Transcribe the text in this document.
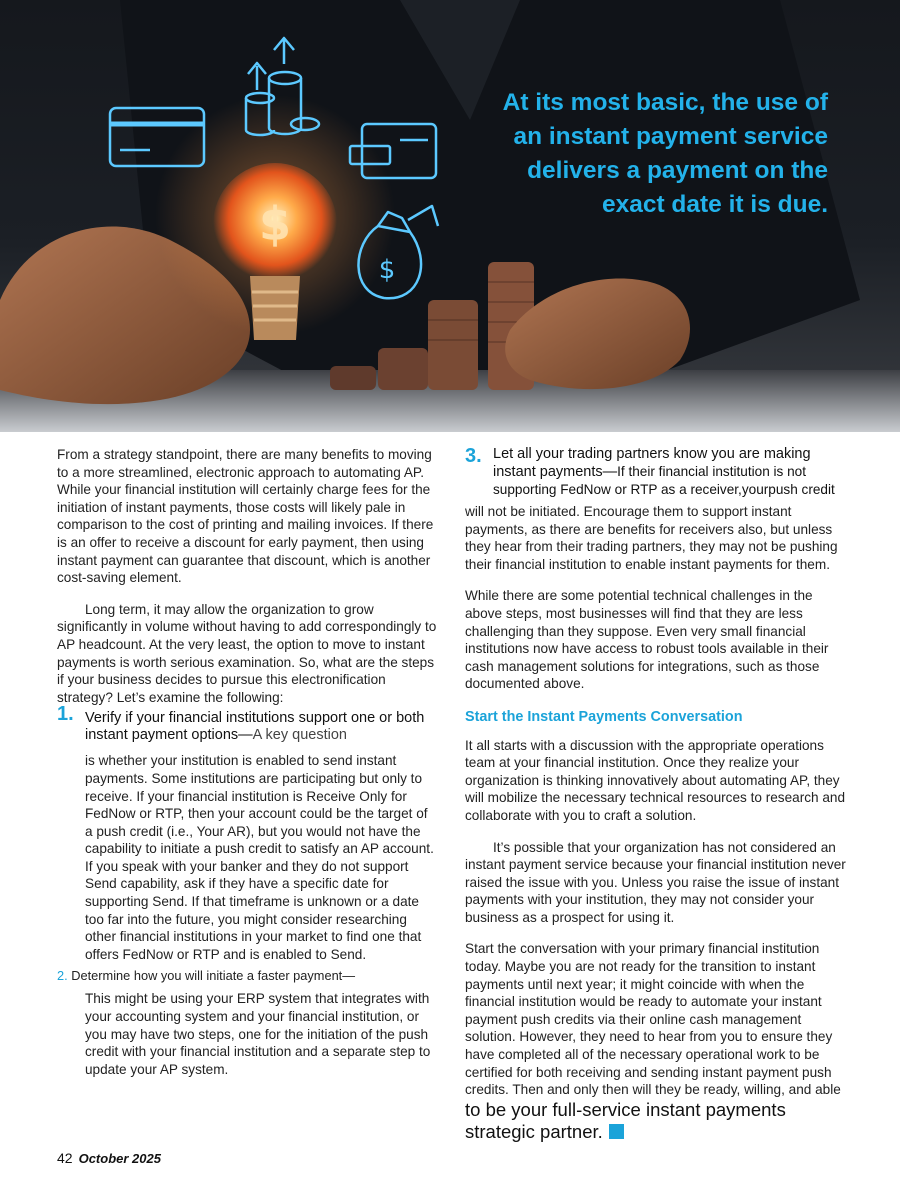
$
$
At its most basic, the use of an instant payment service delivers a payment on the exact date it is due.

From a strategy standpoint, there are many benefits to moving to a more streamlined, electronic approach to automating AP. While your financial institution will certainly charge fees for the initiation of instant payments, those costs will likely pale in comparison to the cost of printing and mailing invoices. If there is an offer to receive a discount for early payment, then using instant payment can guarantee that discount, which is another cost-saving element.

Long term, it may allow the organization to grow significantly in volume without having to add correspondingly to AP headcount. At the very least, the option to move to instant payments is worth serious examination. So, what are the steps if your business decides to pursue this electronification strategy? Let’s examine the following:

1. Verify if your financial institutions support one or both instant payment options—A key question

is whether your institution is enabled to send instant payments. Some institutions are participating but only to receive. If your financial institution is Receive Only for FedNow or RTP, then your account could be the target of a push credit (i.e., Your AR), but you would not have the capability to initiate a push credit to satisfy an AP account.

If you speak with your banker and they do not support Send capability, ask if they have a specific date for supporting Send. If that timeframe is unknown or a date too far into the future, you might consider researching other financial institutions in your market to find one that offers FedNow or RTP and is enabled to Send.

2. Determine how you will initiate a faster payment—

This might be using your ERP system that integrates with your accounting system and your financial institution, or you may have two steps, one for the initiation of the push credit with your financial institution and a separate step to update your AP system.

3. Let all your trading partners know you are making instant payments—If their financial institution is not supporting FedNow or RTP as a receiver,yourpush credit

will not be initiated. Encourage them to support instant payments, as there are benefits for receivers also, but unless they hear from their trading partners, they may not be pushing their financial institution to enable instant payments for them.

While there are some potential technical challenges in the above steps, most businesses will find that they are less challenging than they suppose. Even very small financial institutions now have access to robust tools available in their cash management solutions for integrations, such as those documented above.

Start the Instant Payments Conversation

It all starts with a discussion with the appropriate operations team at your financial institution. Once they realize your organization is thinking innovatively about automating AP, they will mobilize the necessary technical resources to research and collaborate with you to craft a solution.

It’s possible that your organization has not considered an instant payment service because your financial institution never raised the issue with you. Unless you raise the issue of instant payments with your institution, they may not consider your business as a prospect for using it.

Start the conversation with your primary financial institution today. Maybe you are not ready for the transition to instant payments until next year; it might coincide with when the financial institution would be ready to automate your instant payment push credits via their online cash management solution. However, they need to hear from you to ensure they have completed all of the necessary operational work to be certified for both receiving and sending instant payment push credits. Then and only then will they be ready, willing, and able

to be your full-service instant payments strategic partner.

42 October 2025
